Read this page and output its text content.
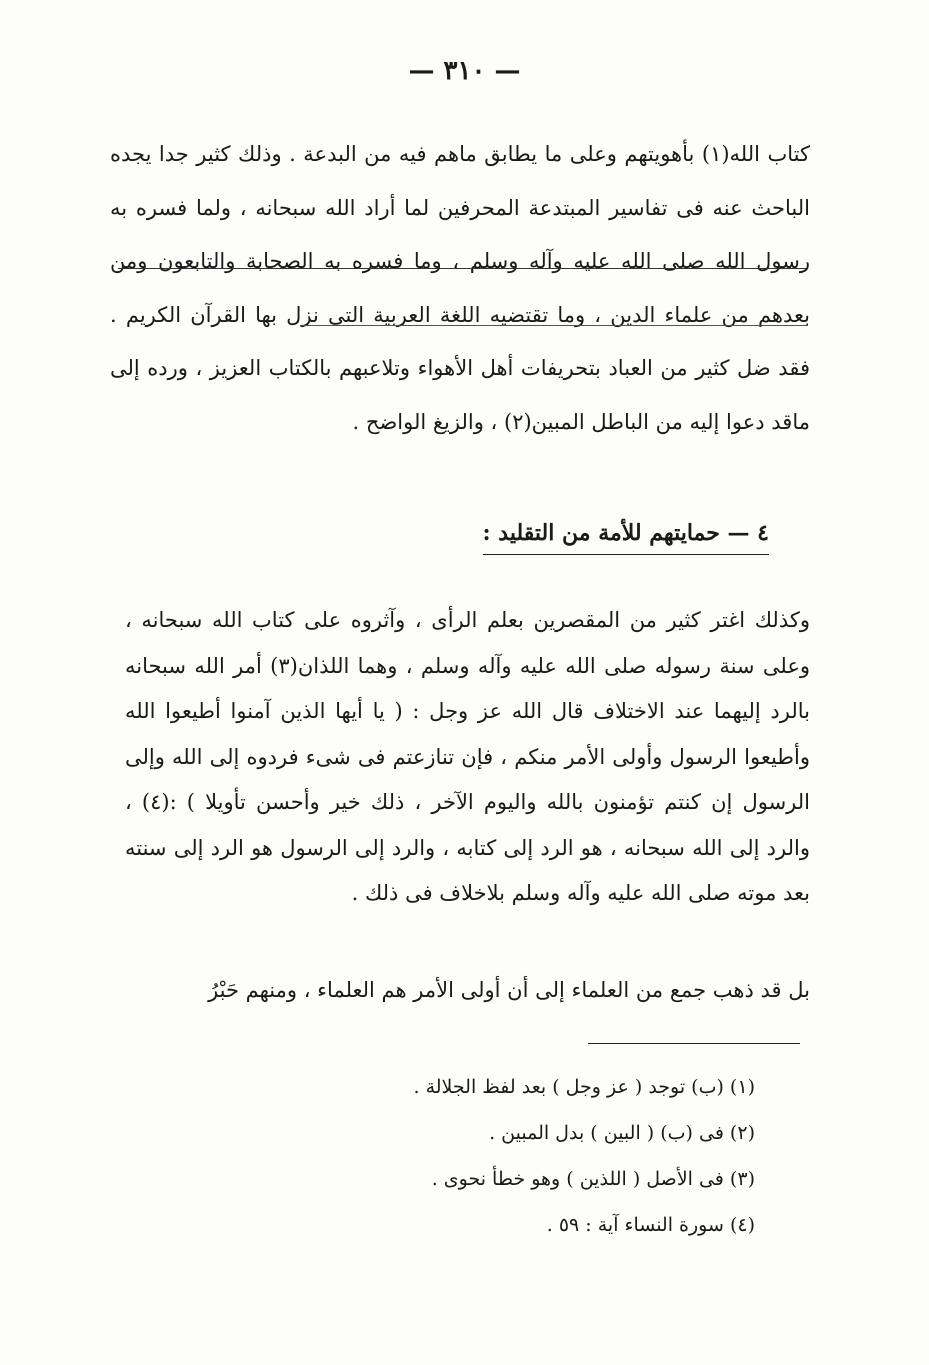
— ٣١٠ —
كتاب الله(١) بأهويتهم وعلى ما يطابق ماهم فيه من البدعة . وذلك كثير جدا يجده الباحث عنه فى تفاسير المبتدعة المحرفين لما أراد الله سبحانه ، ولما فسره به رسول الله صلى الله عليه وآله وسلم ، وما فسره به الصحابة والتابعون ومن بعدهم من علماء الدين ، وما تقتضيه اللغة العربية التى نزل بها القرآن الكريم . فقد ضل كثير من العباد بتحريفات أهل الأهواء وتلاعبهم بالكتاب العزيز ، ورده إلى ماقد دعوا إليه من الباطل المبين(٢) ، والزيغ الواضح .
٤ — حمايتهم للأمة من التقليد :
وكذلك اغتر كثير من المقصرين بعلم الرأى ، وآثروه على كتاب الله سبحانه ، وعلى سنة رسوله صلى الله عليه وآله وسلم ، وهما اللذان(٣) أمر الله سبحانه بالرد إليهما عند الاختلاف قال الله عز وجل : ( يا أيها الذين آمنوا أطيعوا الله وأطيعوا الرسول وأولى الأمر منكم ، فإن تنازعتم فى شىء فردوه إلى الله وإلى الرسول إن كنتم تؤمنون بالله واليوم الآخر ، ذلك خير وأحسن تأويلا ) :(٤) ، والرد إلى الله سبحانه ، هو الرد إلى كتابه ، والرد إلى الرسول هو الرد إلى سنته بعد موته صلى الله عليه وآله وسلم بلاخلاف فى ذلك .
بل قد ذهب جمع من العلماء إلى أن أولى الأمر هم العلماء ، ومنهم حَبْرُ
(١) (ب) توجد ( عز وجل ) بعد لفظ الجلالة .
(٢) فى (ب) ( البين ) بدل المبين .
(٣) فى الأصل ( اللذين ) وهو خطأ نحوى .
(٤) سورة النساء آية : ٥٩ .
